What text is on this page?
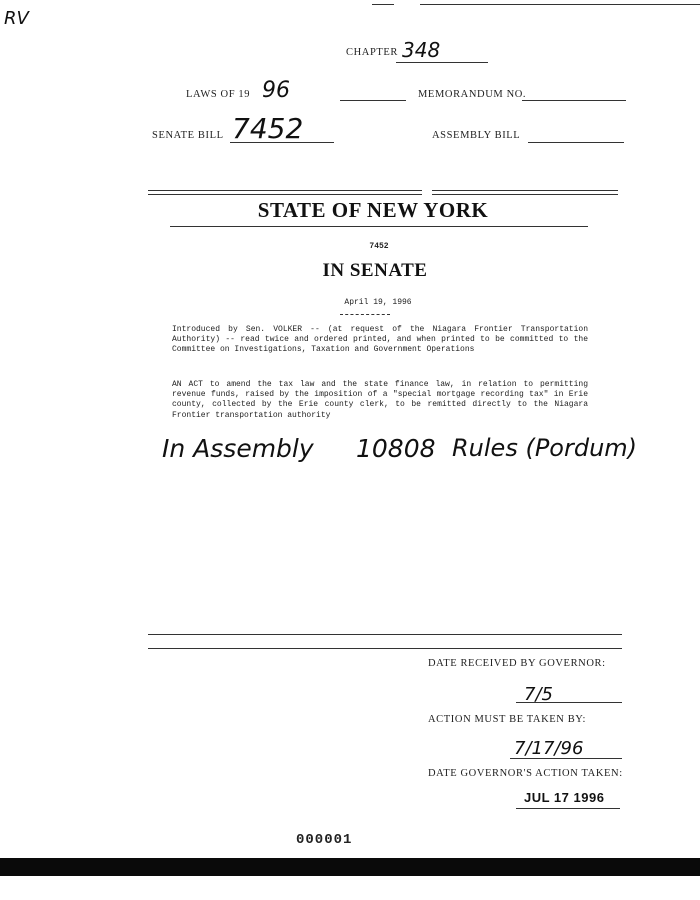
RV
CHAPTER 348
LAWS OF 19 96	MEMORANDUM NO.
SENATE BILL 7452	ASSEMBLY BILL
STATE OF NEW YORK
7452
IN SENATE
April 19, 1996
Introduced by Sen. VOLKER -- (at request of the Niagara Frontier Transportation Authority) -- read twice and ordered printed, and when printed to be committed to the Committee on Investigations, Taxation and Government Operations
AN ACT to amend the tax law and the state finance law, in relation to permitting revenue funds, raised by the imposition of a "special mortgage recording tax" in Erie county, collected by the Erie county clerk, to be remitted directly to the Niagara Frontier transportation authority
In Assembly 10808 Rules (Pordum)
DATE RECEIVED BY GOVERNOR:
7/5
ACTION MUST BE TAKEN BY:
7/17/96
DATE GOVERNOR'S ACTION TAKEN:
JUL 17 1996
000001
